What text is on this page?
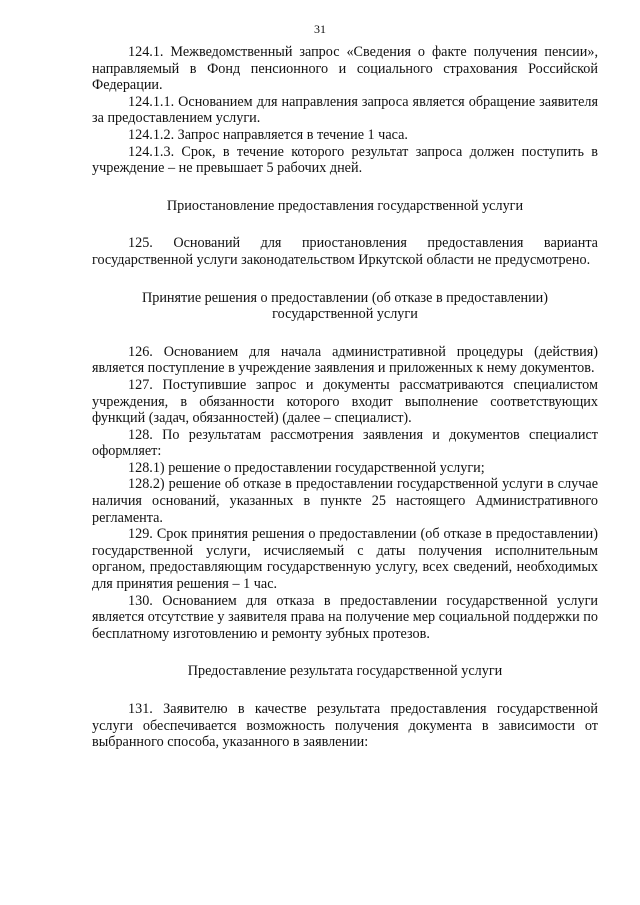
31

124.1. Межведомственный запрос «Сведения о факте получения пенсии», направляемый в Фонд пенсионного и социального страхования Российской Федерации.

124.1.1. Основанием для направления запроса является обращение заявителя за предоставлением услуги.

124.1.2. Запрос направляется в течение 1 часа.

124.1.3. Срок, в течение которого результат запроса должен поступить в учреждение – не превышает 5 рабочих дней.

Приостановление предоставления государственной услуги

125. Оснований для приостановления предоставления варианта государственной услуги законодательством Иркутской области не предусмотрено.

Принятие решения о предоставлении (об отказе в предоставлении) государственной услуги

126. Основанием для начала административной процедуры (действия) является поступление в учреждение заявления и приложенных к нему документов.

127. Поступившие запрос и документы рассматриваются специалистом учреждения, в обязанности которого входит выполнение соответствующих функций (задач, обязанностей) (далее – специалист).

128. По результатам рассмотрения заявления и документов специалист оформляет:

128.1) решение о предоставлении государственной услуги;

128.2) решение об отказе в предоставлении государственной услуги в случае наличия оснований, указанных в пункте 25 настоящего Административного регламента.

129. Срок принятия решения о предоставлении (об отказе в предоставлении) государственной услуги, исчисляемый с даты получения исполнительным органом, предоставляющим государственную услугу, всех сведений, необходимых для принятия решения – 1 час.

130. Основанием для отказа в предоставлении государственной услуги является отсутствие у заявителя права на получение мер социальной поддержки по бесплатному изготовлению и ремонту зубных протезов.

Предоставление результата государственной услуги

131. Заявителю в качестве результата предоставления государственной услуги обеспечивается возможность получения документа в зависимости от выбранного способа, указанного в заявлении:
